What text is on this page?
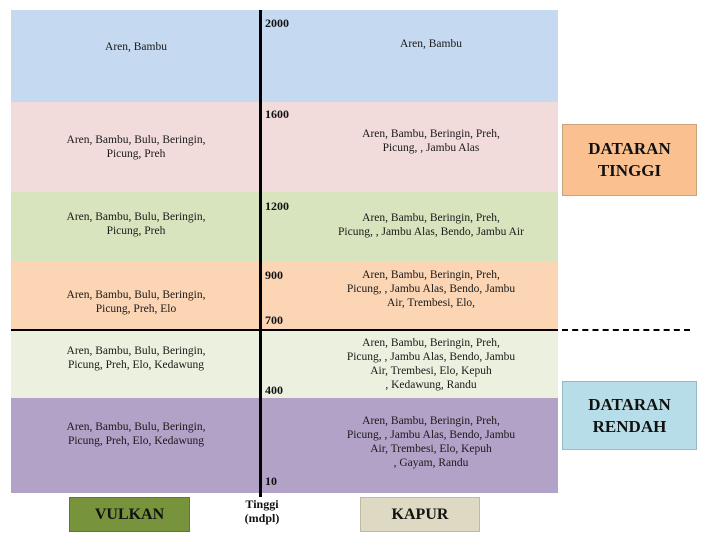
Aren, Bambu	Aren, Bambu
Aren, Bambu, Bulu, Beringin,
Picung, Preh
Aren, Bambu, Beringin, Preh,
Picung, , Jambu Alas
Aren, Bambu, Bulu, Beringin,
Picung, Preh
Aren, Bambu, Beringin, Preh,
Picung, , Jambu Alas, Bendo, Jambu Air
Aren, Bambu, Bulu, Beringin,
Picung, Preh, Elo
Aren, Bambu, Beringin, Preh,
Picung, , Jambu Alas, Bendo, Jambu
Air, Trembesi, Elo,
Aren, Bambu, Bulu, Beringin,
Picung, Preh, Elo, Kedawung
Aren, Bambu, Beringin, Preh,
Picung, , Jambu Alas, Bendo, Jambu
Air, Trembesi, Elo, Kepuh
, Kedawung, Randu
Aren, Bambu, Bulu, Beringin,
Picung, Preh, Elo, Kedawung
Aren, Bambu, Beringin, Preh,
Picung, , Jambu Alas, Bendo, Jambu
Air, Trembesi, Elo, Kepuh
, Gayam, Randu
2000
1600
1200
900
700
400
10
DATARAN
TINGGI
DATARAN
RENDAH
VULKAN
Tinggi
(mdpl)	KAPUR
